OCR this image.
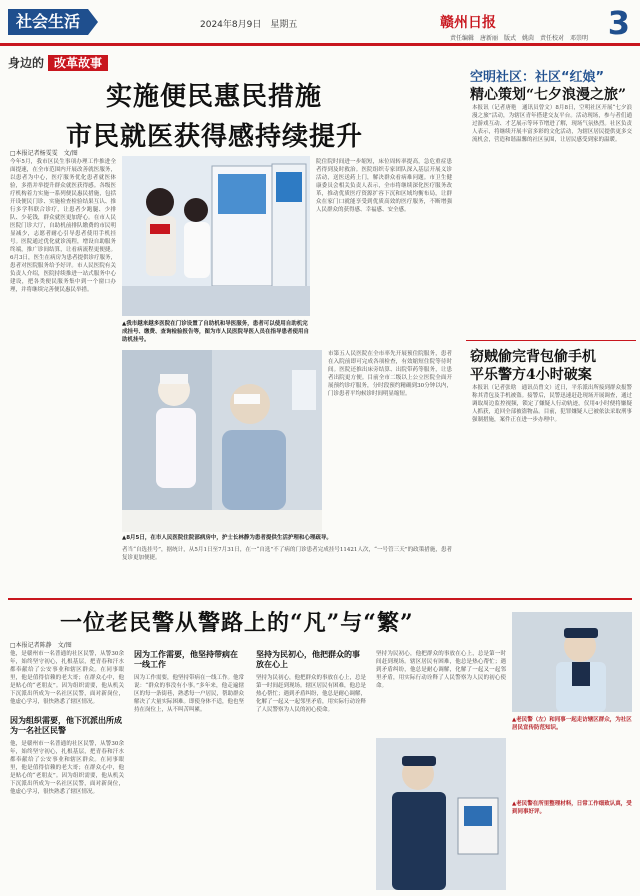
社会生活	2024年8月9日　星期五	赣州日报	3
责任编辑　唐新丽　版式　姚茵　责任校对　邓崇明
身边的 改革故事
实施便民惠民措施
市民就医获得感持续提升
□本报记者杨雯雯　文/图
今年5月，我市区民生事项办理工作推进全面提速，在全市范围内开展改善就医服务，以患者为中心，医疗服务优化患者就医体验，多措并举提升群众就医获得感。各级医疗机构着力实施一系列便民惠民措施，包括开设便民门诊、实施检查检验结果互认、推行多学科联合诊疗，让患者少跑腿、少排队、少花钱，群众就医更加舒心。在市人民医院门诊大厅，自助机前排队缴费的市民明显减少，志愿者耐心引导患者使用手机挂号。医院通过优化就诊流程，增设自助服务终端，推广诊间结算，让看病流程更便捷。6月3日，医生在病房为患者提供诊疗服务，患者对医院服务给予好评。市人民医院有关负责人介绍，医院持续推进一站式服务中心建设，把各类便民服务集中到一个窗口办理，并将继续完善便民惠民举措。
▲我市越来越多医院在门诊设置了自助机和导医服务，患者可以使用自助机完成挂号、缴费、查询检验报告等，图为市人民医院导医人员在指导患者使用自助机挂号。
院住院时间进一步缩短，床位周转率提高，急危重症患者得到及时救治。医院组织专家团队深入基层开展义诊活动，送医送药上门，解决群众看病难问题。市卫生健康委员会相关负责人表示，全市将继续深化医疗服务改革，推动优质医疗资源扩容下沉和区域均衡布局，让群众在家门口就能享受到优质高效的医疗服务，不断增强人民群众的获得感、幸福感、安全感。
▲8月5日，在市人民医院住院部病房中，护士长林静为患者提供生活护理和心理疏导。
市第五人民医院在全市率先开展预住院服务，患者在入院前即可完成各项检查，有效缩短住院等待时间。医院还推出床旁结算、出院带药等服务，让患者出院更方便。目前全市二级以上公立医院全面开展预约诊疗服务，分时段预约精确到30分钟以内，门诊患者平均候诊时间明显缩短。
者当“自选挂号”，据统计，从5月1日至7月31日，在一“自选”不了病的门诊患者完成挂号11421人次，“一号管三天”的政策措施，患者复诊更加便捷。
空明社区：社区“红娘”
精心策划“七夕浪漫之旅”
本报讯（记者唐艳　通讯员曾文）8月8日，空明社区开展“七夕浪漫之旅”活动，为辖区青年搭建交友平台。活动现场，参与者们通过游戏互动、才艺展示等环节增进了解，现场气氛热烈。社区负责人表示，将继续开展丰富多彩的文化活动，为辖区居民提供更多交流机会，营造和谐温馨的社区氛围，让居民感受到家的温暖。
窃贼偷完背包偷手机
平乐警方4小时破案
本报讯（记者张晗　通讯员曾文）近日，平乐派出所接到群众报警称其背包及手机被盗。接警后，民警迅速赶赴现场开展调查，通过调取周边监控视频，锁定了嫌疑人行动轨迹，仅用4小时便将嫌疑人抓获，追回全部被盗物品。目前，犯罪嫌疑人已被依法采取刑事强制措施，案件正在进一步办理中。
一位老民警从警路上的“凡”与“繁”
□本报记者陈静　文/图
他，是赣州市一名普通的社区民警，从警30余年，始终坚守初心，扎根基层，把青春和汗水都奉献给了公安事业和辖区群众。在同事眼里，他是值得信赖的老大哥；在群众心中，他是贴心的“老朋友”。因为组织需要，他从机关下沉派出所成为一名社区民警，面对新岗位，他虚心学习，很快熟悉了辖区情况。
因为组织需要，他下沉派出所成为一名社区民警
他，是赣州市一名普通的社区民警，从警30余年，始终坚守初心，扎根基层，把青春和汗水都奉献给了公安事业和辖区群众。在同事眼里，他是值得信赖的老大哥；在群众心中，他是贴心的“老朋友”。因为组织需要，他从机关下沉派出所成为一名社区民警，面对新岗位，他虚心学习，很快熟悉了辖区情况。
因为工作需要，他坚持带病在一线工作
因为工作需要，他坚持带病在一线工作。他常说：“群众的事没有小事。”多年来，他走遍辖区的每一条街巷，熟悉每一户居民，帮助群众解决了大量实际困难。即使身体不适，他也坚持在岗位上，从不叫苦叫累。
坚持为民初心，他把群众的事放在心上
坚持为民初心，他把群众的事放在心上，总是第一时间赶到现场。辖区居民有困难，他总是热心帮忙；遇到矛盾纠纷，他总是耐心调解，化解了一起又一起邻里矛盾，用实际行动诠释了人民警察为人民的初心使命。
坚持为民初心，他把群众的事放在心上，总是第一时间赶到现场。辖区居民有困难，他总是热心帮忙；遇到矛盾纠纷，他总是耐心调解，化解了一起又一起邻里矛盾，用实际行动诠释了人民警察为人民的初心使命。
▲老民警（左）和同事一起走访辖区群众，为社区居民宣传防范知识。
▲老民警在所里整理材料，日常工作细致认真，受到同事好评。
